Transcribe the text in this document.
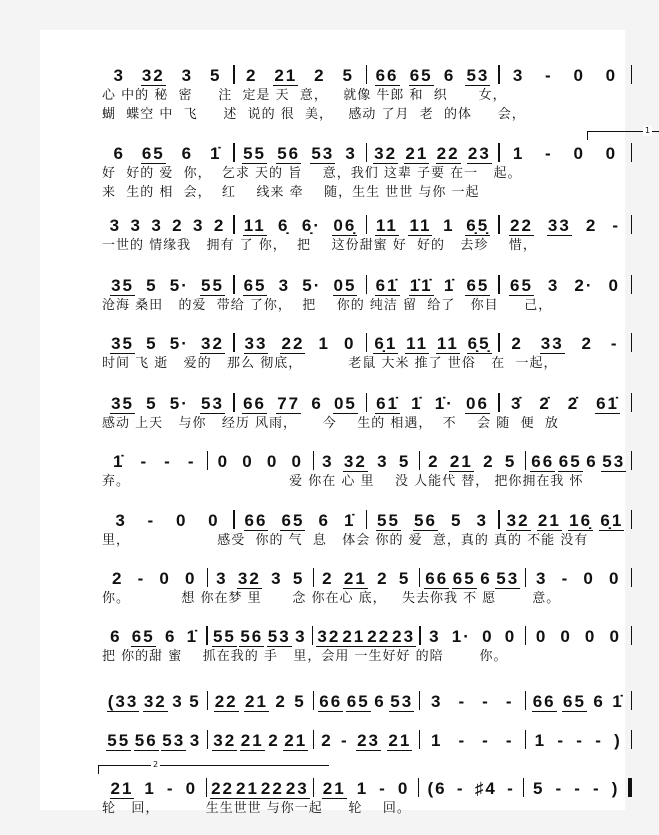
3 32 3 5 2 21 2 5 66 65 6 53 3 - 0 0
心 中的 秘  密     注  定是 天  意，   就像 牛郎 和  织      女，
蝴  蝶空 中  飞     述  说的 很  美，   感动 了月  老  的体     会，
1
6 65 6 1̇ 55 56 53 3 32 21 22 23 1 - 0 0
好  好的 爱  你，  乞求 天的 旨    意，我们 这辈 子要 在一   起。
来  生的 相  会，  红    线来 牵    随，生生 世世 与你 一起
3 3 3 2 3 2 11 6̣ 6̣· 06̣ 11 11 1 6̣5̣ 22 33 2 -
一世的 情缘我   拥有 了 你，  把    这份甜蜜 好  好的   去珍    惜，
35 5 5· 55 65 3 5· 05 61̇ 1̇1̇ 1̇ 65 65 3 2· 0
沧海 桑田   的爱  带给 了你，  把    你的 纯洁 留  给了   你目     己，
35 5 5· 32 33 22 1 0 6̣1 11 11 6̣5̣ 2 33 2 -
时间 飞 逝   爱的   那么 彻底，         老鼠 大米 推了 世俗   在  一起，
35 5 5· 53 66 77 6 05 61̇ 1̇ 1̇· 06 3̇ 2̇ 2̇ 61̇
感动 上天   与你   经历 风雨，     今    生的 相遇，  不    会 随  便  放
1̇ - - - 0 0 0 0 3 32 3 5 2 21 2 5 66 65 6 53
弃。                               爱 你在 心 里    没 人能代 替， 把你拥在我 怀
3 - 0 0 66 65 6 1̇ 55 56 5 3 32 21 16̣ 6̣1
里，                 感受  你的 气  息   体会 你的 爱  意，真的 真的 不能 没有
2 - 0 0 3 32 3 5 2 21 2 5 66 65 6 53 3 - 0 0
你。          想 你在梦 里      念 你在心 底，   失去你我 不 愿       意。
6 65 6 1̇ 55 56 53 3 32 21 22 23 3 1· 0 0 0 0 0 0
把 你的甜 蜜    抓在我的 手   里，会用 一生好好 的陪       你。
(33 32 3 5 22 21 2 5 66 65 6 53 3 - - - 66 65 6 1̇
55 56 53 3 32 21 2 21 2 - 23 21 1 - - - 1 - - - )
2
21 1 - 0 22 21 22 23 21 1 - 0 (6 - ♯4 - 5 - - - )
轮   回，         生生世世 与你一起     轮    回。
